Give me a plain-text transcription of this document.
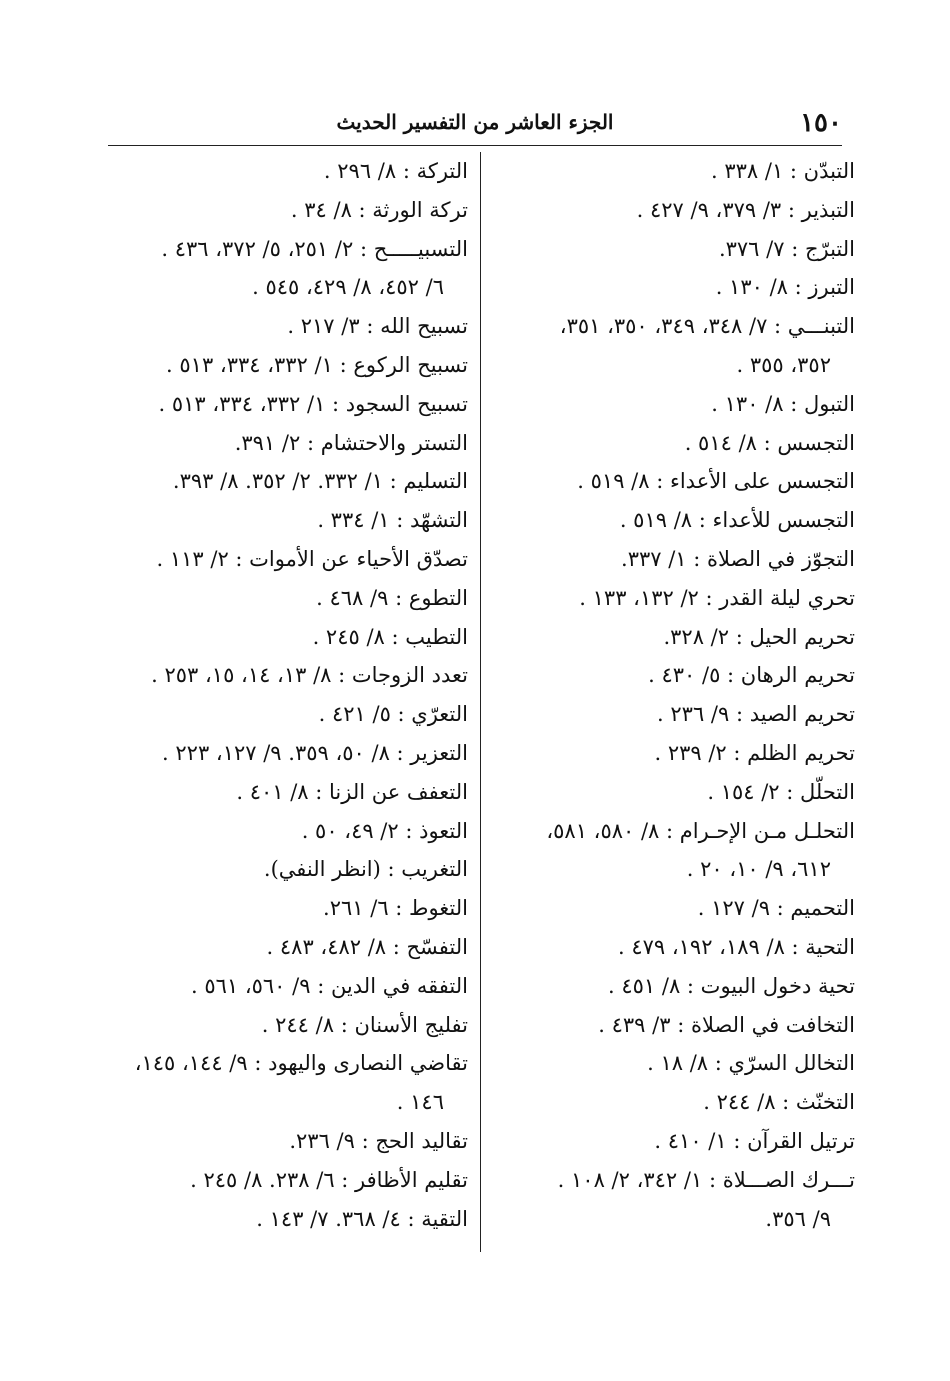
١٥٠
الجزء العاشر من التفسير الحديث
التبدّن : ١/ ٣٣٨ .
التبذير : ٣/ ٣٧٩، ٩/ ٤٢٧ .
التبرّج : ٧/ ٣٧٦.
التبرز : ٨/ ١٣٠ .
التبنـــي : ٧/ ٣٤٨، ٣٤٩، ٣٥٠، ٣٥١،
٣٥٢، ٣٥٥ .
التبول : ٨/ ١٣٠ .
التجسس : ٨/ ٥١٤ .
التجسس على الأعداء : ٨/ ٥١٩ .
التجسس للأعداء : ٨/ ٥١٩ .
التجوّز في الصلاة : ١/ ٣٣٧.
تحري ليلة القدر : ٢/ ١٣٢، ١٣٣ .
تحريم الحيل : ٢/ ٣٢٨.
تحريم الرهان : ٥/ ٤٣٠ .
تحريم الصيد : ٩/ ٢٣٦ .
تحريم الظلم : ٢/ ٢٣٩ .
التحلّل : ٢/ ١٥٤ .
التحلـل مـن الإحـرام : ٨/ ٥٨٠، ٥٨١،
٦١٢، ٩/ ١٠، ٢٠ .
التحميم : ٩/ ١٢٧ .
التحية : ٨/ ١٨٩، ١٩٢، ٤٧٩ .
تحية دخول البيوت : ٨/ ٤٥١ .
التخافت في الصلاة : ٣/ ٤٣٩ .
التخالل السرّي : ٨/ ١٨ .
التخنّث : ٨/ ٢٤٤ .
ترتيل القرآن : ١/ ٤١٠ .
تـــرك الصـــلاة : ١/ ٣٤٢، ٢/ ١٠٨ .
٩/ ٣٥٦.
التركة : ٨/ ٢٩٦ .
تركة الورثة : ٨/ ٣٤ .
التسبيـــــح : ٢/ ٢٥١، ٥/ ٣٧٢، ٤٣٦ .
٦/ ٤٥٢، ٨/ ٤٢٩، ٥٤٥ .
تسبيح الله : ٣/ ٢١٧ .
تسبيح الركوع : ١/ ٣٣٢، ٣٣٤، ٥١٣ .
تسبيح السجود : ١/ ٣٣٢، ٣٣٤، ٥١٣ .
التستر والاحتشام : ٢/ ٣٩١.
التسليم : ١/ ٣٣٢. ٢/ ٣٥٢. ٨/ ٣٩٣.
التشهّد : ١/ ٣٣٤ .
تصدّق الأحياء عن الأموات : ٢/ ١١٣ .
التطوع : ٩/ ٤٦٨ .
التطيب : ٨/ ٢٤٥ .
تعدد الزوجات : ٨/ ١٣، ١٤، ١٥، ٢٥٣ .
التعرّي : ٥/ ٤٢١ .
التعزير : ٨/ ٥٠، ٣٥٩. ٩/ ١٢٧، ٢٢٣ .
التعفف عن الزنا : ٨/ ٤٠١ .
التعوذ : ٢/ ٤٩، ٥٠ .
التغريب : (انظر النفي).
التغوط : ٦/ ٢٦١.
التفسّح : ٨/ ٤٨٢، ٤٨٣ .
التفقه في الدين : ٩/ ٥٦٠، ٥٦١ .
تفليج الأسنان : ٨/ ٢٤٤ .
تقاضي النصارى واليهود : ٩/ ١٤٤، ١٤٥،
١٤٦ .
تقاليد الحج : ٩/ ٢٣٦.
تقليم الأظافر : ٦/ ٢٣٨. ٨/ ٢٤٥ .
التقية : ٤/ ٣٦٨. ٧/ ١٤٣ .
